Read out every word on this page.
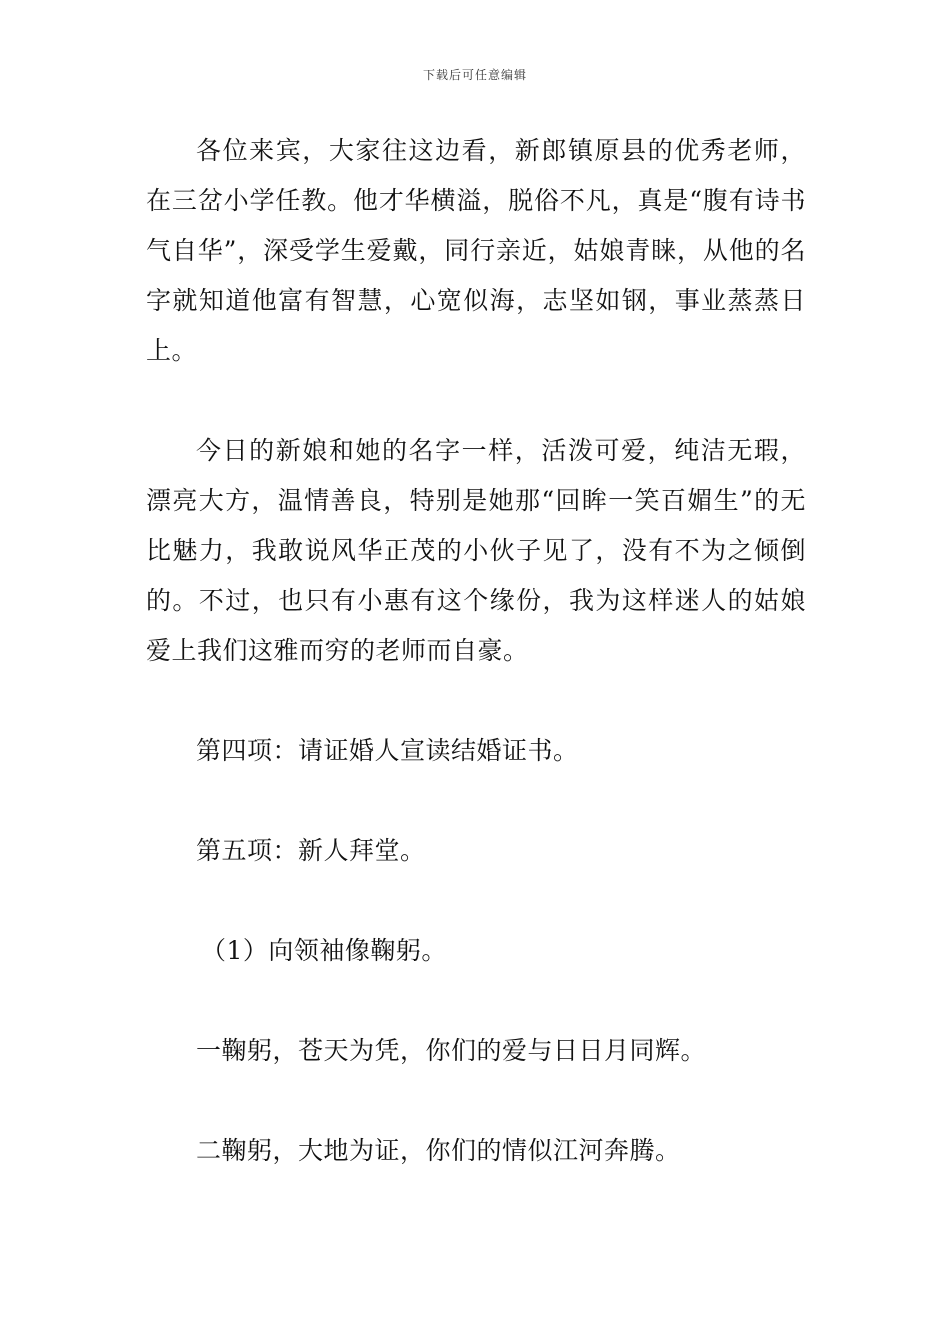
下载后可任意编辑

各位来宾，大家往这边看，新郎镇原县的优秀老师，在三岔小学任教。他才华横溢，脱俗不凡，真是“腹有诗书气自华”，深受学生爱戴，同行亲近，姑娘青睐，从他的名字就知道他富有智慧，心宽似海，志坚如钢，事业蒸蒸日上。

今日的新娘和她的名字一样，活泼可爱，纯洁无瑕，漂亮大方，温情善良，特别是她那“回眸一笑百媚生”的无比魅力，我敢说风华正茂的小伙子见了，没有不为之倾倒的。不过，也只有小惠有这个缘份，我为这样迷人的姑娘爱上我们这雅而穷的老师而自豪。

第四项：请证婚人宣读结婚证书。

第五项：新人拜堂。

（1）向领袖像鞠躬。

一鞠躬，苍天为凭，你们的爱与日日月同辉。

二鞠躬，大地为证，你们的情似江河奔腾。
